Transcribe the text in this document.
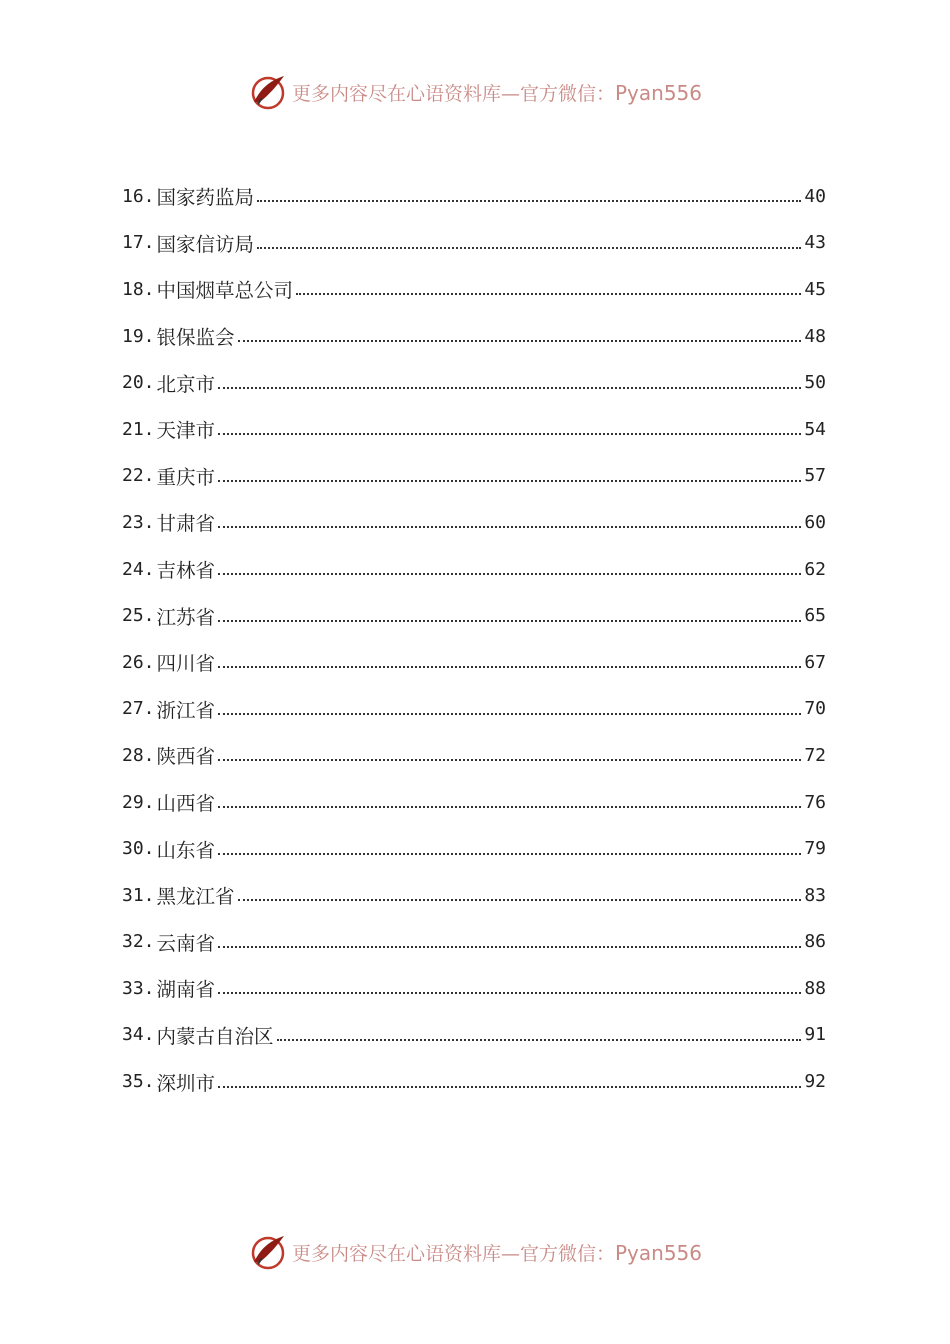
更多内容尽在心语资料库—官方微信：Pyan556
16. 国家药监局	40
17. 国家信访局	43
18. 中国烟草总公司	45
19. 银保监会	48
20. 北京市	50
21. 天津市	54
22. 重庆市	57
23. 甘肃省	60
24. 吉林省	62
25. 江苏省	65
26. 四川省	67
27. 浙江省	70
28. 陕西省	72
29. 山西省	76
30. 山东省	79
31. 黑龙江省	83
32. 云南省	86
33. 湖南省	88
34. 内蒙古自治区	91
35. 深圳市	92
更多内容尽在心语资料库—官方微信：Pyan556
